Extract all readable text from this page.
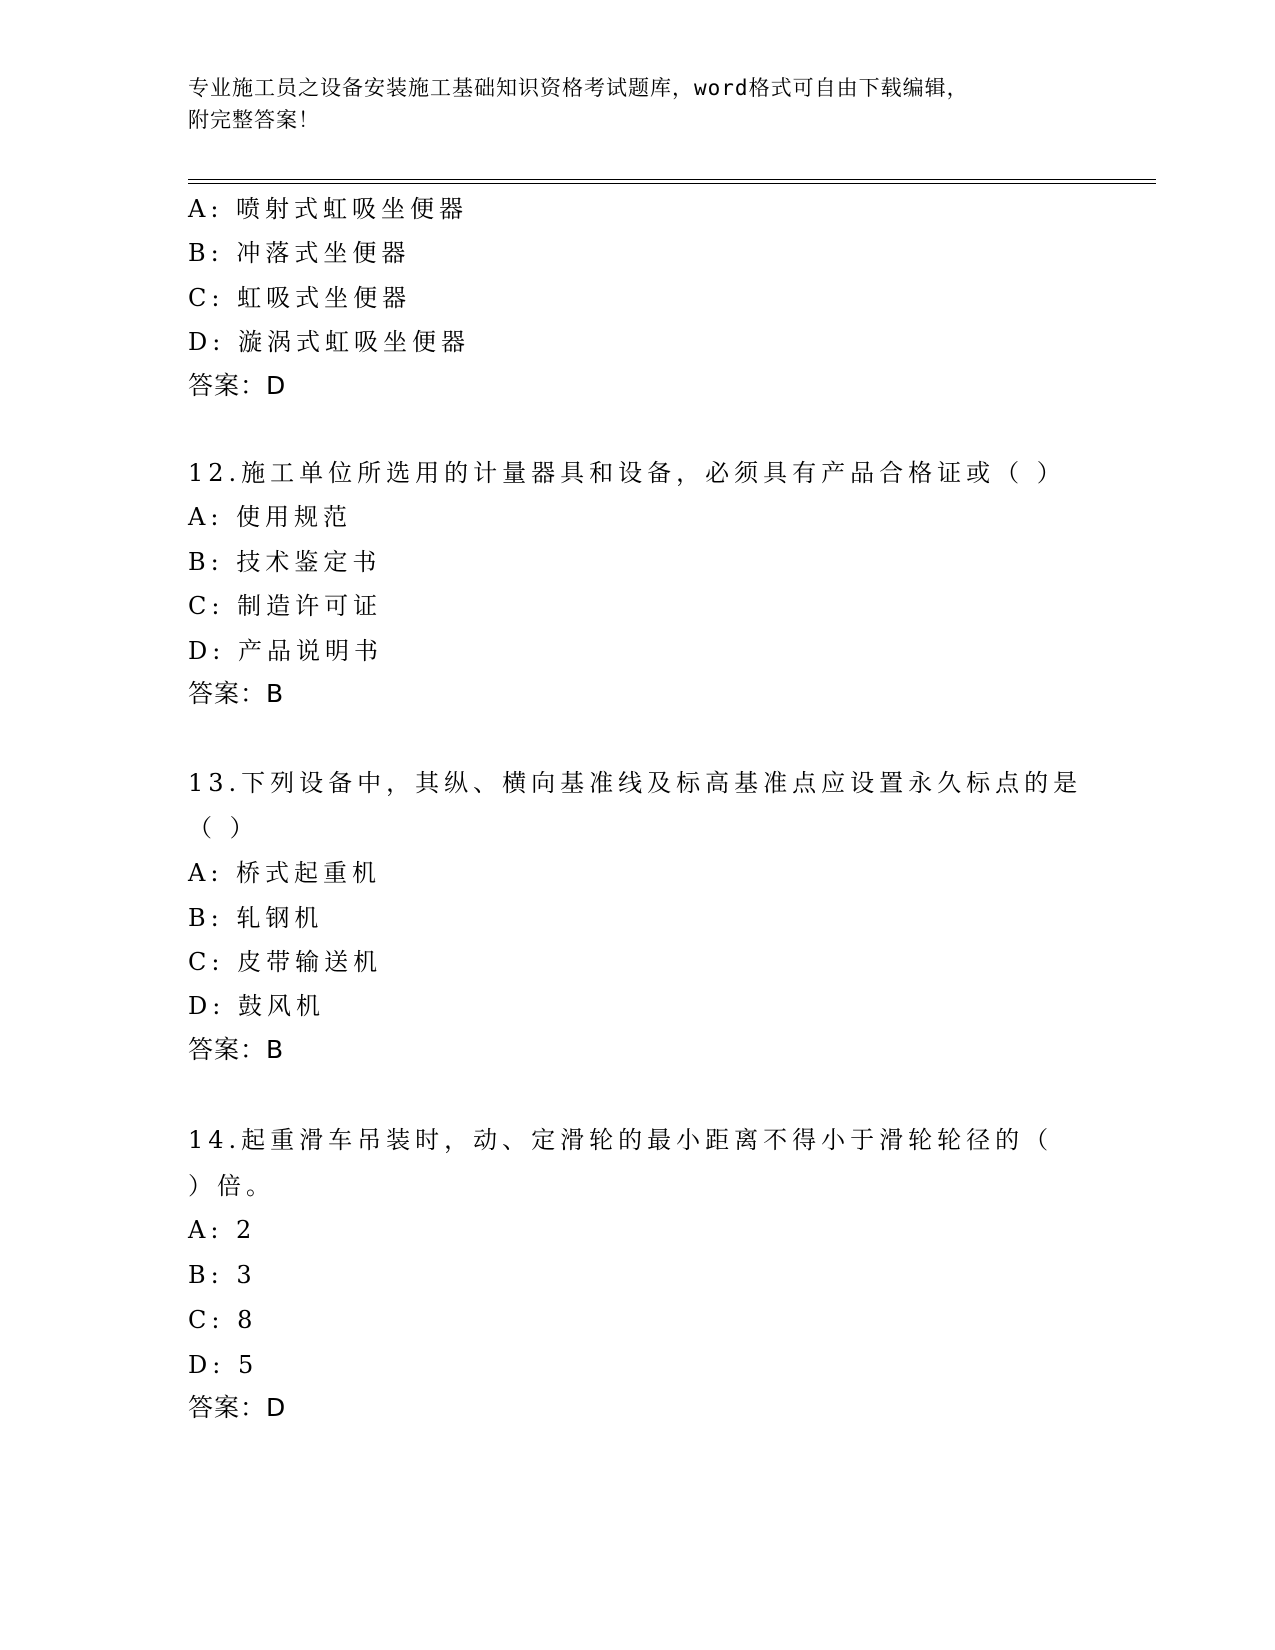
专业施工员之设备安装施工基础知识资格考试题库，word格式可自由下载编辑，
附完整答案！
A: 喷射式虹吸坐便器
B: 冲落式坐便器
C: 虹吸式坐便器
D: 漩涡式虹吸坐便器
答案：D
12.施工单位所选用的计量器具和设备，必须具有产品合格证或（ ）
A: 使用规范
B: 技术鉴定书
C: 制造许可证
D: 产品说明书
答案：B
13.下列设备中，其纵、横向基准线及标高基准点应设置永久标点的是
（ ）
A: 桥式起重机
B: 轧钢机
C: 皮带输送机
D: 鼓风机
答案：B
14.起重滑车吊装时，动、定滑轮的最小距离不得小于滑轮轮径的（
）倍。
A: 2
B: 3
C: 8
D: 5
答案：D
